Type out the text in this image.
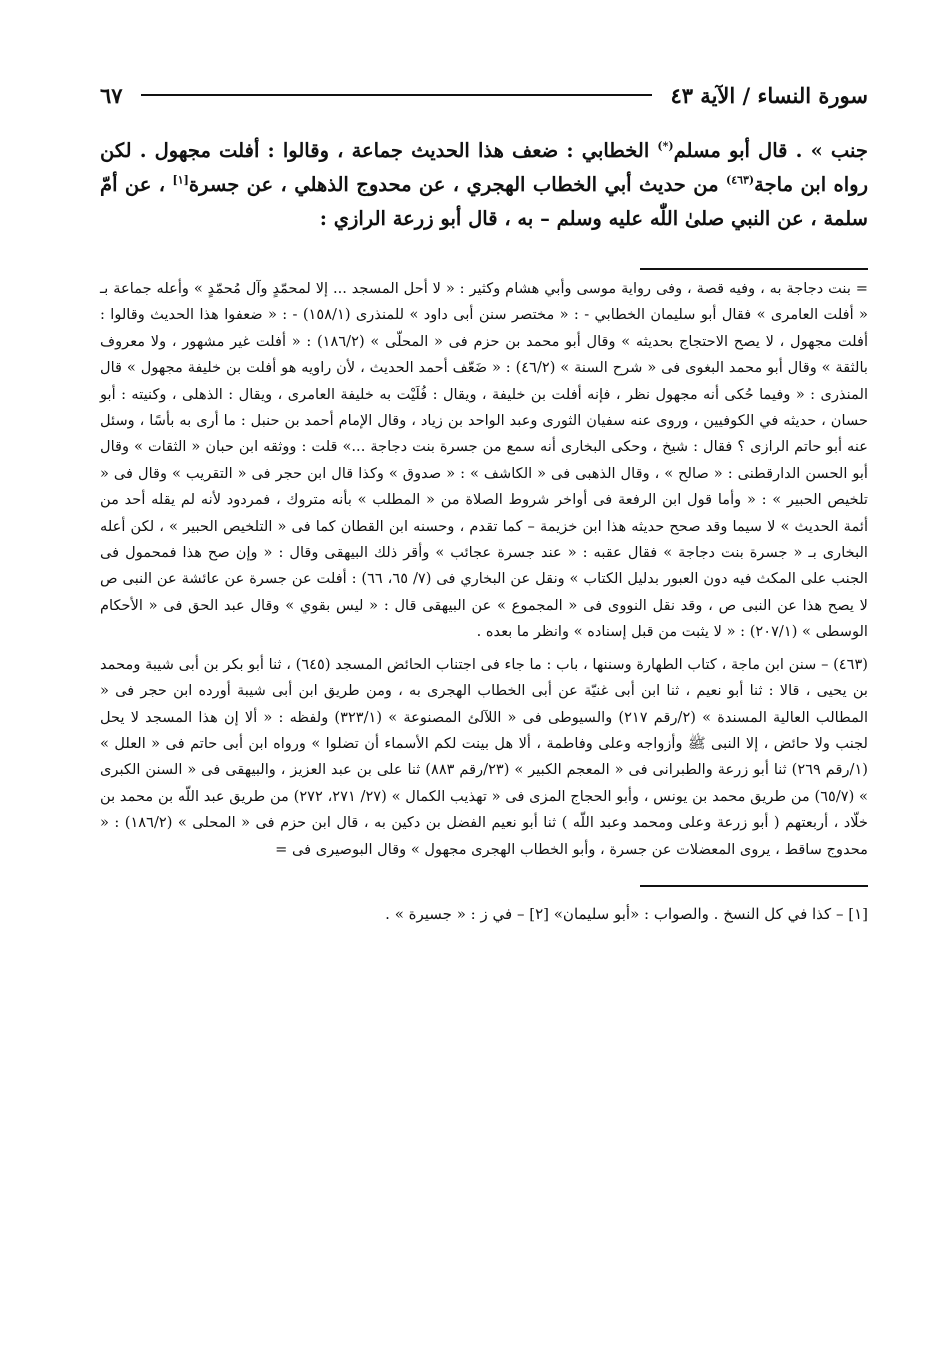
سورة النساء / الآية ٤٣
٦٧

جنب » . قال أبو مسلم(*) الخطابي : ضعف هذا الحديث جماعة ، وقالوا : أفلت مجهول . لكن رواه ابن ماجة$^{(٤٦٣)}$ من حديث أبي الخطاب الهجري ، عن محدوج الذهلي ، عن جسرة[١] ، عن أمّ سلمة ، عن النبي صلىٰ اللّٰه عليه وسلم – به ، قال أبو زرعة الرازي :

= بنت دجاجة به ، وفيه قصة ، وفى رواية موسى وأبي هشام وكثير : « لا أحل المسجد ... إلا لمحمّدٍ وآل مُحمّدٍ » وأعله جماعة بـ « أفلت العامرى » فقال أبو سليمان الخطابي - : « مختصر سنن أبى داود » للمنذرى (١٥٨/١) - : « ضعفوا هذا الحديث وقالوا : أفلت مجهول ، لا يصح الاحتجاج بحديثه » وقال أبو محمد بن حزم فى « المحلّى » (١٨٦/٢) : « أفلت غير مشهور ، ولا معروف بالثقة » وقال أبو محمد البغوى فى « شرح السنة » (٤٦/٢) : « ضَعّف أحمد الحديث ، لأن راويه هو أفلت بن خليفة مجهول » قال المنذرى : « وفيما حُكى أنه مجهول نظر ، فإنه أفلت بن خليفة ، ويقال : فُلَيْت به خليفة العامرى ، ويقال : الذهلى ، وكنيته : أبو حسان ، حديثه في الكوفيين ، وروى عنه سفيان الثورى وعبد الواحد بن زياد ، وقال الإمام أحمد بن حنبل : ما أرى به بأسًا ، وسئل عنه أبو حاتم الرازى ؟ فقال : شيخ ، وحكى البخارى أنه سمع من جسرة بنت دجاجة ...» قلت : ووثقه ابن حبان « الثقات » وقال أبو الحسن الدارقطنى : « صالح » ، وقال الذهبى فى « الكاشف » : « صدوق » وكذا قال ابن حجر فى « التقريب » وقال فى « تلخيص الحبير » : « وأما قول ابن الرفعة فى أواخر شروط الصلاة من « المطلب » بأنه متروك ، فمردود لأنه لم يقله أحد من أئمة الحديث » لا سيما وقد صحح حديثه هذا ابن خزيمة – كما تقدم ، وحسنه ابن القطان كما فى « التلخيص الحبير » ، لكن أعله البخارى بـ « جسرة بنت دجاجة » فقال عقبه : « عند جسرة عجائب » وأقر ذلك البيهقى وقال : « وإن صح هذا فمحمول فى الجنب على المكث فيه دون العبور بدليل الكتاب » ونقل عن البخاري فى (٧/ ٦٥، ٦٦) : أفلت عن جسرة عن عائشة عن النبى ص لا يصح هذا عن النبى ص ، وقد نقل النووى فى « المجموع » عن البيهقى قال : « ليس بقوي » وقال عبد الحق فى « الأحكام الوسطى » (٢٠٧/١) : « لا يثبت من قبل إسناده » وانظر ما بعده .

(٤٦٣) – سنن ابن ماجة ، كتاب الطهارة وسننها ، باب : ما جاء فى اجتناب الحائض المسجد (٦٤٥) ، ثنا أبو بكر بن أبى شيبة ومحمد بن يحيى ، قالا : ثنا أبو نعيم ، ثنا ابن أبى غنيّة عن أبى الخطاب الهجرى به ، ومن طريق ابن أبى شيبة أورده ابن حجر فى « المطالب العالية المسندة » (٢/رقم ٢١٧) والسيوطى فى « اللآلئ المصنوعة » (٣٢٣/١) ولفظه : « ألا إن هذا المسجد لا يحل لجنب ولا حائض ، إلا النبى ﷺ وأزواجه وعلى وفاطمة ، ألا هل بينت لكم الأسماء أن تضلوا » ورواه ابن أبى حاتم فى « العلل » (١/رقم ٢٦٩) ثنا أبو زرعة والطبرانى فى « المعجم الكبير » (٢٣/رقم ٨٨٣) ثنا على بن عبد العزيز ، والبيهقى فى « السنن الكبرى » (٦٥/٧) من طريق محمد بن يونس ، وأبو الحجاج المزى فى « تهذيب الكمال » (٢٧/ ٢٧١، ٢٧٢) من طريق عبد اللّه بن محمد بن خلّاد ، أربعتهم ( أبو زرعة وعلى ومحمد وعبد اللّه ) ثنا أبو نعيم الفضل بن دكين به ، قال ابن حزم فى « المحلى » (١٨٦/٢) : « محدوج ساقط ، يروى المعضلات عن جسرة ، وأبو الخطاب الهجرى مجهول » وقال البوصيرى فى =

[١] – كذا في كل النسخ . والصواب : «أبو سليمان» [٢] – في ز : « جسيرة » .
